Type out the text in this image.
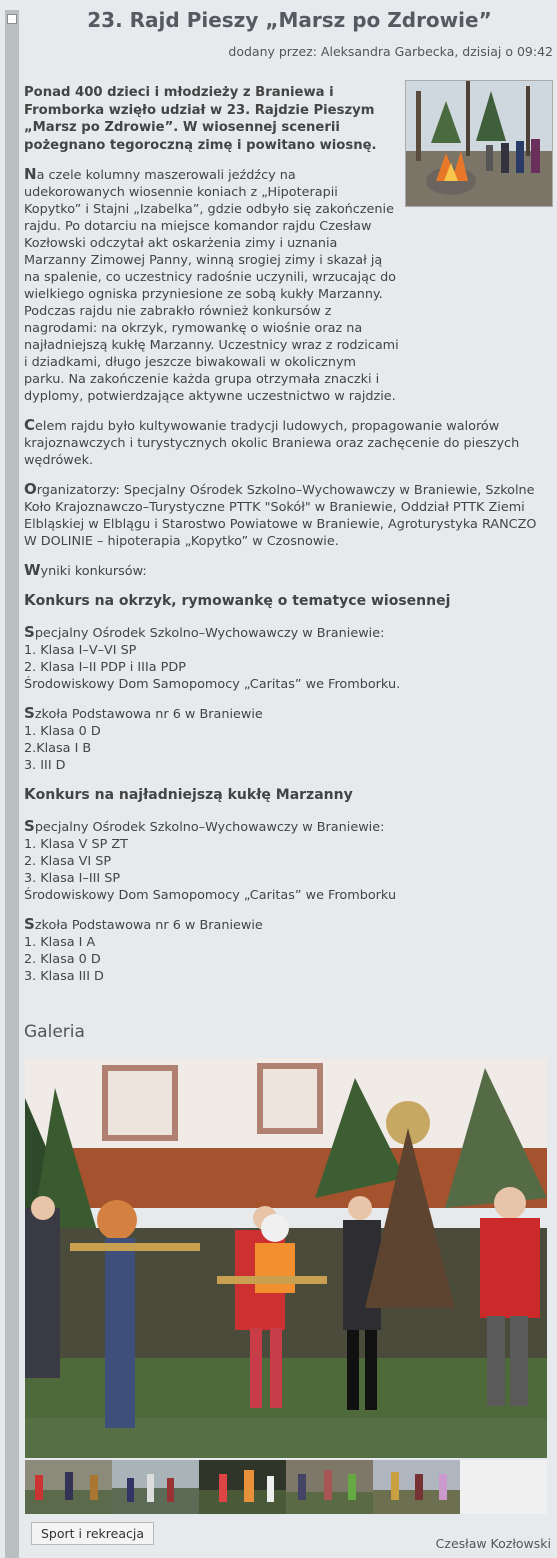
23. Rajd Pieszy „Marsz po Zdrowie”
dodany przez: Aleksandra Garbecka, dzisiaj o 09:42

Ponad 400 dzieci i młodzieży z Braniewa i Fromborka wzięło udział w 23. Rajdzie Pieszym „Marsz po Zdrowie”. W wiosennej scenerii pożegnano tegoroczną zimę i powitano wiosnę.

Na czele kolumny maszerowali jeźdźcy na udekorowanych wiosennie koniach z „Hipoterapii Kopytko” i Stajni „Izabelka”, gdzie odbyło się zakończenie rajdu. Po dotarciu na miejsce komandor rajdu Czesław Kozłowski odczytał akt oskarżenia zimy i uznania Marzanny Zimowej Panny, winną srogiej zimy i skazał ją na spalenie, co uczestnicy radośnie uczynili, wrzucając do wielkiego ogniska przyniesione ze sobą kukły Marzanny. Podczas rajdu nie zabrakło również konkursów z nagrodami: na okrzyk, rymowankę o wiośnie oraz na najładniejszą kukłę Marzanny. Uczestnicy wraz z rodzicami i dziadkami, długo jeszcze biwakowali w okolicznym parku. Na zakończenie każda grupa otrzymała znaczki i dyplomy, potwierdzające aktywne uczestnictwo w rajdzie.

Celem rajdu było kultywowanie tradycji ludowych, propagowanie walorów krajoznawczych i turystycznych okolic Braniewa oraz zachęcenie do pieszych wędrówek.

Organizatorzy: Specjalny Ośrodek Szkolno–Wychowawczy w Braniewie, Szkolne Koło Krajoznawczo–Turystyczne PTTK "Sokół" w Braniewie, Oddział PTTK Ziemi Elbląskiej w Elblągu i Starostwo Powiatowe w Braniewie, Agroturystyka RANCZO W DOLINIE – hipoterapia „Kopytko” w Czosnowie.

Wyniki konkursów:

Konkurs na okrzyk, rymowankę o tematyce wiosennej

Specjalny Ośrodek Szkolno–Wychowawczy w Braniewie:
1. Klasa I–V–VI SP
2. Klasa I–II PDP i IIIa PDP
Środowiskowy Dom Samopomocy „Caritas” we Fromborku.

Szkoła Podstawowa nr 6 w Braniewie
1. Klasa 0 D
2.Klasa I B
3. III D

Konkurs na najładniejszą kukłę Marzanny

Specjalny Ośrodek Szkolno–Wychowawczy w Braniewie:
1. Klasa V SP ZT
2. Klasa VI SP
3. Klasa I–III SP
Środowiskowy Dom Samopomocy „Caritas” we Fromborku

Szkoła Podstawowa nr 6 w Braniewie
1. Klasa I A
2. Klasa 0 D
3. Klasa III D

Galeria
Sport i rekreacja
Czesław Kozłowski
